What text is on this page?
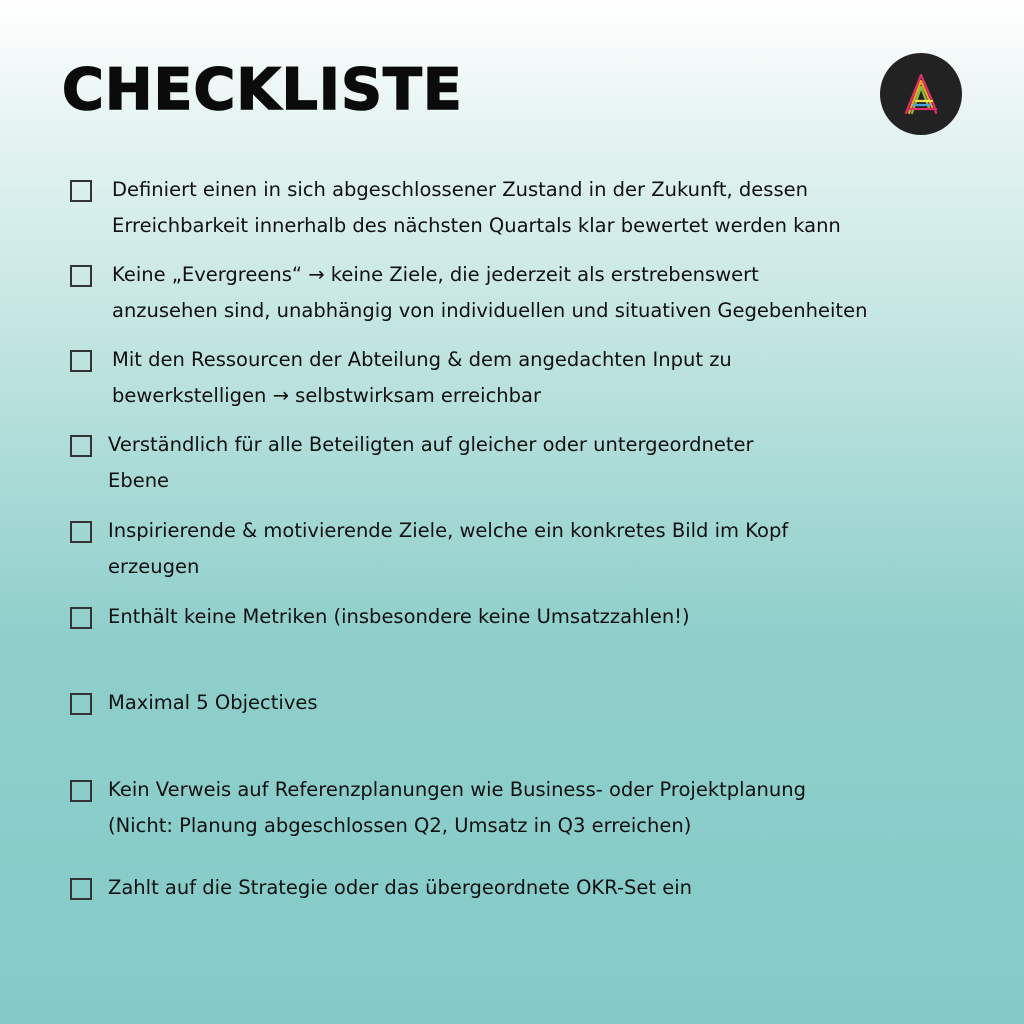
CHECKLISTE
Definiert einen in sich abgeschlossener Zustand in der Zukunft, dessen
Erreichbarkeit innerhalb des nächsten Quartals klar bewertet werden kann
Keine „Evergreens“ → keine Ziele, die jederzeit als erstrebenswert
anzusehen sind, unabhängig von individuellen und situativen Gegebenheiten
Mit den Ressourcen der Abteilung & dem angedachten Input zu
bewerkstelligen → selbstwirksam erreichbar
Verständlich für alle Beteiligten auf gleicher oder untergeordneter
Ebene
Inspirierende & motivierende Ziele, welche ein konkretes Bild im Kopf
erzeugen
Enthält keine Metriken (insbesondere keine Umsatzzahlen!)
Maximal 5 Objectives
Kein Verweis auf Referenzplanungen wie Business- oder Projektplanung
(Nicht: Planung abgeschlossen Q2, Umsatz in Q3 erreichen)
Zahlt auf die Strategie oder das übergeordnete OKR-Set ein
